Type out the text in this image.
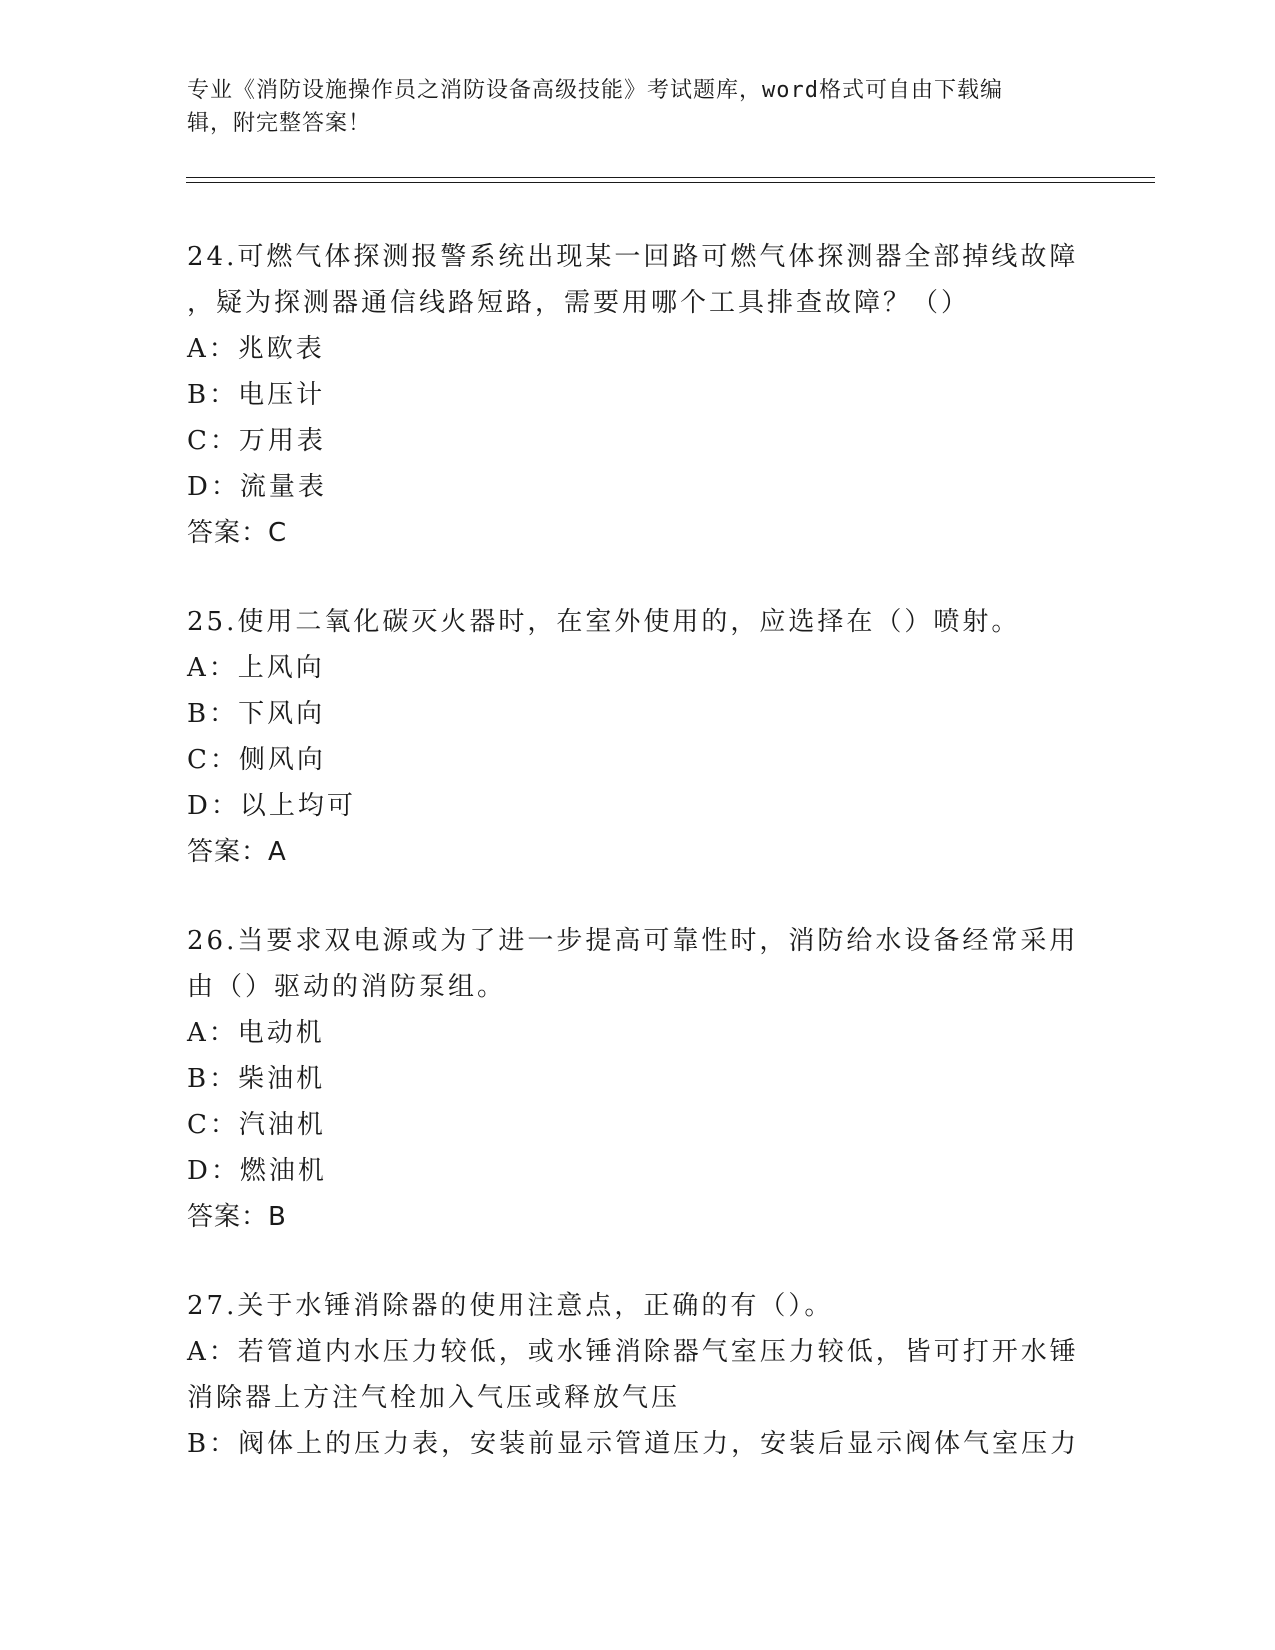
专业《消防设施操作员之消防设备高级技能》考试题库，word格式可自由下载编
辑，附完整答案！
24.可燃气体探测报警系统出现某一回路可燃气体探测器全部掉线故障
，疑为探测器通信线路短路，需要用哪个工具排查故障？（）
A：兆欧表
B：电压计
C：万用表
D：流量表
答案：C
25.使用二氧化碳灭火器时，在室外使用的，应选择在（）喷射。
A：上风向
B：下风向
C：侧风向
D：以上均可
答案：A
26.当要求双电源或为了进一步提高可靠性时，消防给水设备经常采用
由（）驱动的消防泵组。
A：电动机
B：柴油机
C：汽油机
D：燃油机
答案：B
27.关于水锤消除器的使用注意点，正确的有（）。
A：若管道内水压力较低，或水锤消除器气室压力较低，皆可打开水锤
消除器上方注气栓加入气压或释放气压
B：阀体上的压力表，安装前显示管道压力，安装后显示阀体气室压力
